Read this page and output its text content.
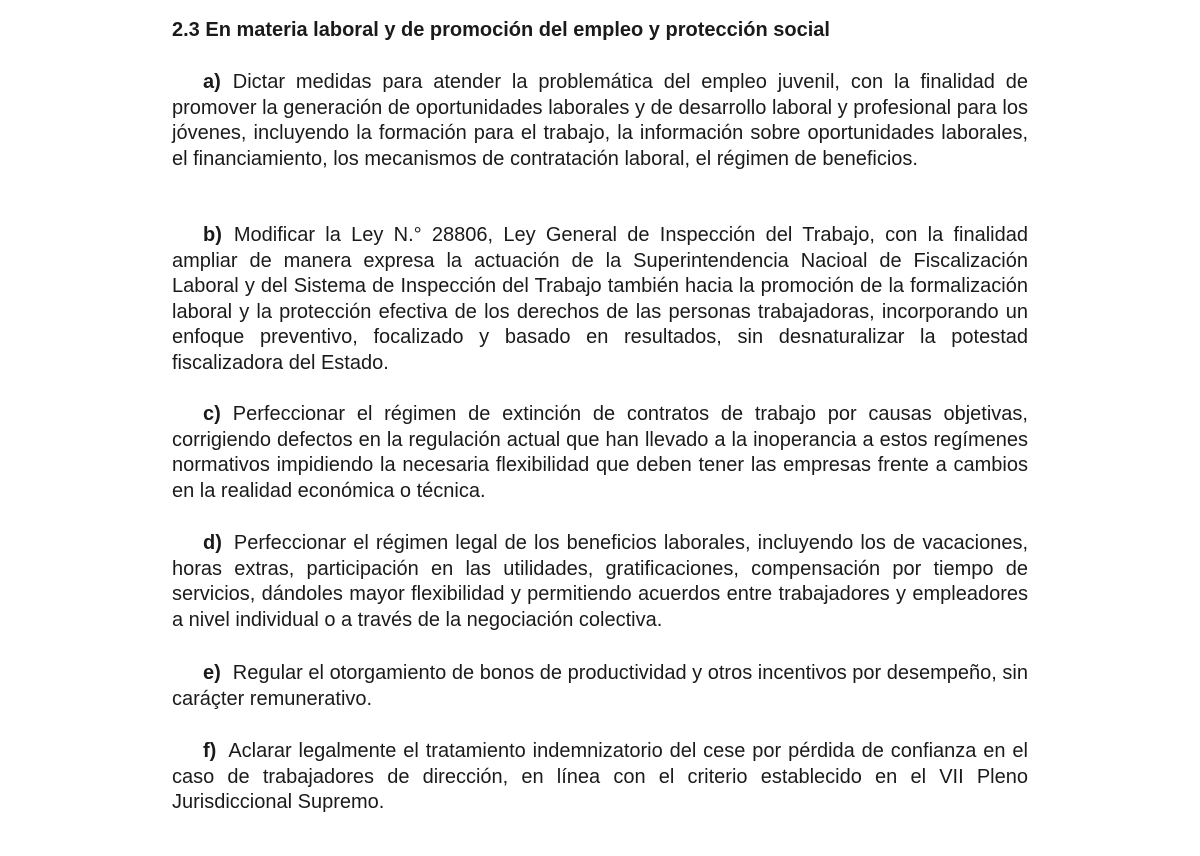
2.3 En materia laboral y de promoción del empleo y protección social

a) Dictar medidas para atender la problemática del empleo juvenil, con la finalidad de promover la generación de oportunidades laborales y de desarrollo laboral y profesional para los jóvenes, incluyendo la formación para el trabajo, la información sobre oportunidades laborales, el financiamiento, los mecanismos de contratación laboral, el régimen de beneficios.

b) Modificar la Ley N.° 28806, Ley General de Inspección del Trabajo, con la finalidad ampliar de manera expresa la actuación de la Superintendencia Nacioal de Fiscalización Laboral y del Sistema de Inspección del Trabajo también hacia la promoción de la formalización laboral y la protección efectiva de los derechos de las personas trabajadoras, incorporando un enfoque preventivo, focalizado y basado en resultados, sin desnaturalizar la potestad fiscalizadora del Estado.

c) Perfeccionar el régimen de extinción de contratos de trabajo por causas objetivas, corrigiendo defectos en la regulación actual que han llevado a la inoperancia a estos regímenes normativos impidiendo la necesaria flexibilidad que deben tener las empresas frente a cambios en la realidad económica o técnica.

d) Perfeccionar el régimen legal de los beneficios laborales, incluyendo los de vacaciones, horas extras, participación en las utilidades, gratificaciones, compensación por tiempo de servicios, dándoles mayor flexibilidad y permitiendo acuerdos entre trabajadores y empleadores a nivel individual o a través de la negociación colectiva.

e) Regular el otorgamiento de bonos de productividad y otros incentivos por desempeño, sin caráçter remunerativo.

f) Aclarar legalmente el tratamiento indemnizatorio del cese por pérdida de confianza en el caso de trabajadores de dirección, en línea con el criterio establecido en el VII Pleno Jurisdiccional Supremo.
